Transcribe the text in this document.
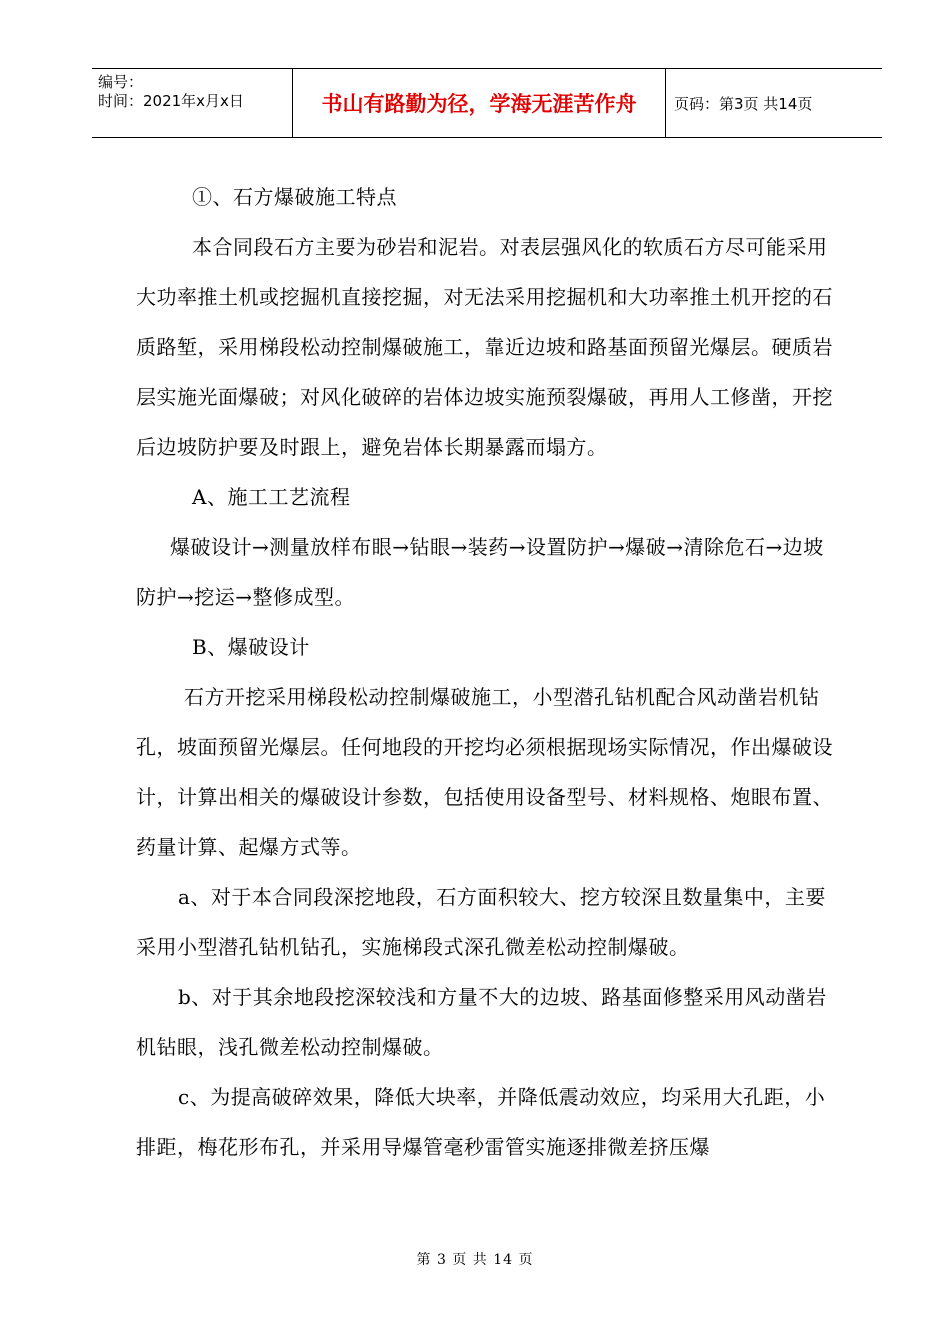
编号：
时间：2021年x月x日	书山有路勤为径，学海无涯苦作舟	页码：第3页 共14页

①、石方爆破施工特点

本合同段石方主要为砂岩和泥岩。对表层强风化的软质石方尽可能采用大功率推土机或挖掘机直接挖掘，对无法采用挖掘机和大功率推土机开挖的石质路堑，采用梯段松动控制爆破施工，靠近边坡和路基面预留光爆层。硬质岩层实施光面爆破；对风化破碎的岩体边坡实施预裂爆破，再用人工修凿，开挖后边坡防护要及时跟上，避免岩体长期暴露而塌方。

A、施工工艺流程

爆破设计→测量放样布眼→钻眼→装药→设置防护→爆破→清除危石→边坡防护→挖运→整修成型。

B、爆破设计

石方开挖采用梯段松动控制爆破施工，小型潜孔钻机配合风动凿岩机钻孔，坡面预留光爆层。任何地段的开挖均必须根据现场实际情况，作出爆破设计，计算出相关的爆破设计参数，包括使用设备型号、材料规格、炮眼布置、药量计算、起爆方式等。

a、对于本合同段深挖地段，石方面积较大、挖方较深且数量集中，主要采用小型潜孔钻机钻孔，实施梯段式深孔微差松动控制爆破。

b、对于其余地段挖深较浅和方量不大的边坡、路基面修整采用风动凿岩机钻眼，浅孔微差松动控制爆破。

c、为提高破碎效果，降低大块率，并降低震动效应，均采用大孔距，小排距，梅花形布孔，并采用导爆管毫秒雷管实施逐排微差挤压爆

第 3 页 共 14 页
